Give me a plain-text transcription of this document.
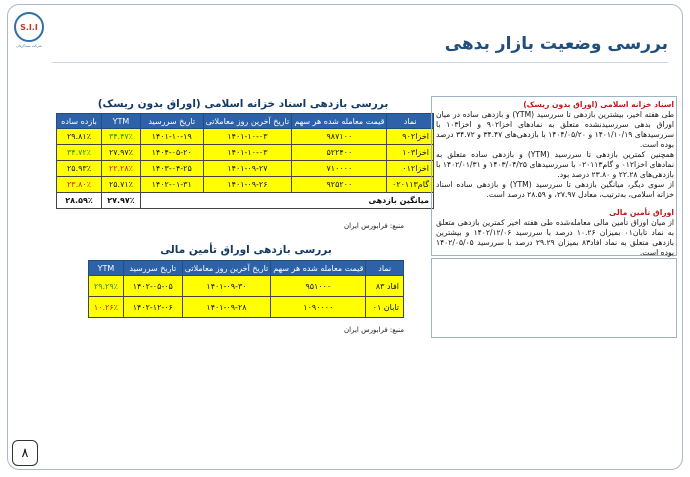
S.I.I
شرکت سبدگردان	بررسی وضعیت بازار بدهی
بررسی بازدهی اسناد خزانه اسلامی (اوراق بدون ریسک)
نماد	قیمت معامله شده هر سهم	تاریخ آخرین روز معاملاتی	تاریخ سررسید	YTM	بازده ساده
اخزا۹۰۲	۹۸۷۱۰۰	۱۴۰۱-۱۰-۰۳	۱۴۰۱-۱۰-۱۹	۳۴.۴۷٪	۲۹.۸۱٪
اخزا۱۰۳	۵۲۲۴۰۰	۱۴۰۱-۱۰-۰۳	۱۴۰۴-۰۵-۲۰	۲۷.۹۷٪	۳۴.۷۲٪
اخزا۰۱۲	۷۱۰۰۰۰	۱۴۰۱-۰۹-۲۷	۱۴۰۳-۰۴-۲۵	۲۲.۲۸٪	۲۵.۹۳٪
گام۰۲۰۱۱۳	۹۲۵۲۰۰	۱۴۰۱-۰۹-۲۶	۱۴۰۲-۰۱-۳۱	۲۵.۷۱٪	۲۳.۸۰٪
میانگین بازدهی				۲۷.۹۷٪	۲۸.۵۹٪
منبع: فرابورس ایران
بررسی بازدهی اوراق تأمین مالی
نماد	قیمت معامله شده هر سهم	تاریخ آخرین روز معاملاتی	تاریخ سررسید	YTM
افاد ۸۳	۹۵۱۰۰۰	۱۴۰۱-۰۹-۳۰	۱۴۰۲-۰۵-۰۵	۲۹.۲۹٪
تابان ۰۱	۱۰۹۰۰۰۰	۱۴۰۱-۰۹-۲۸	۱۴۰۲-۱۲-۰۶	۱۰.۲۶٪
منبع: فرابورس ایران
اسناد خزانه اسلامی (اوراق بدون ریسک)
طی هفته اخیر، بیشترین بازدهی تا سررسید (YTM) و بازدهی ساده در میان اوراق بدهی سررسیدنشده متعلق به نمادهای اخزا۹۰۲ و اخزا۱۰۳ با سررسیدهای ۱۴۰۱/۱۰/۱۹ و ۱۴۰۴/۰۵/۲۰ با بازدهی‌های ۳۴.۴۷ و ۳۴.۷۲ درصد بوده است.
همچنین کمترین بازدهی تا سررسید (YTM) و بازدهی ساده متعلق به نمادهای اخزا۰۱۲ و گام۰۲۰۱۱۳ با سررسیدهای ۱۴۰۳/۰۴/۲۵ و ۱۴۰۲/۰۱/۳۱ با بازدهی‌های ۲۲.۲۸ و ۲۳.۸۰ درصد بود.
از سوی دیگر، میانگین بازدهی تا سررسید (YTM) و بازدهی ساده اسناد خزانه اسلامی، به‌ترتیب، معادل ۲۷.۹۷، و ۲۸.۵۹ درصد است.
اوراق تأمین مالی
از میان اوراق تأمین مالی معامله‌شده طی هفته اخیر کمترین بازدهی متعلق به نماد تابان۰۱ بمیزان ۱۰.۲۶ درصد با سررسید ۱۴۰۲/۱۲/۰۶ و بیشترین بازدهی متعلق به نماد افاد۸۳ بمیزان ۲۹.۲۹ درصد با سررسید ۱۴۰۲/۰۵/۰۵ بوده است.
۸
